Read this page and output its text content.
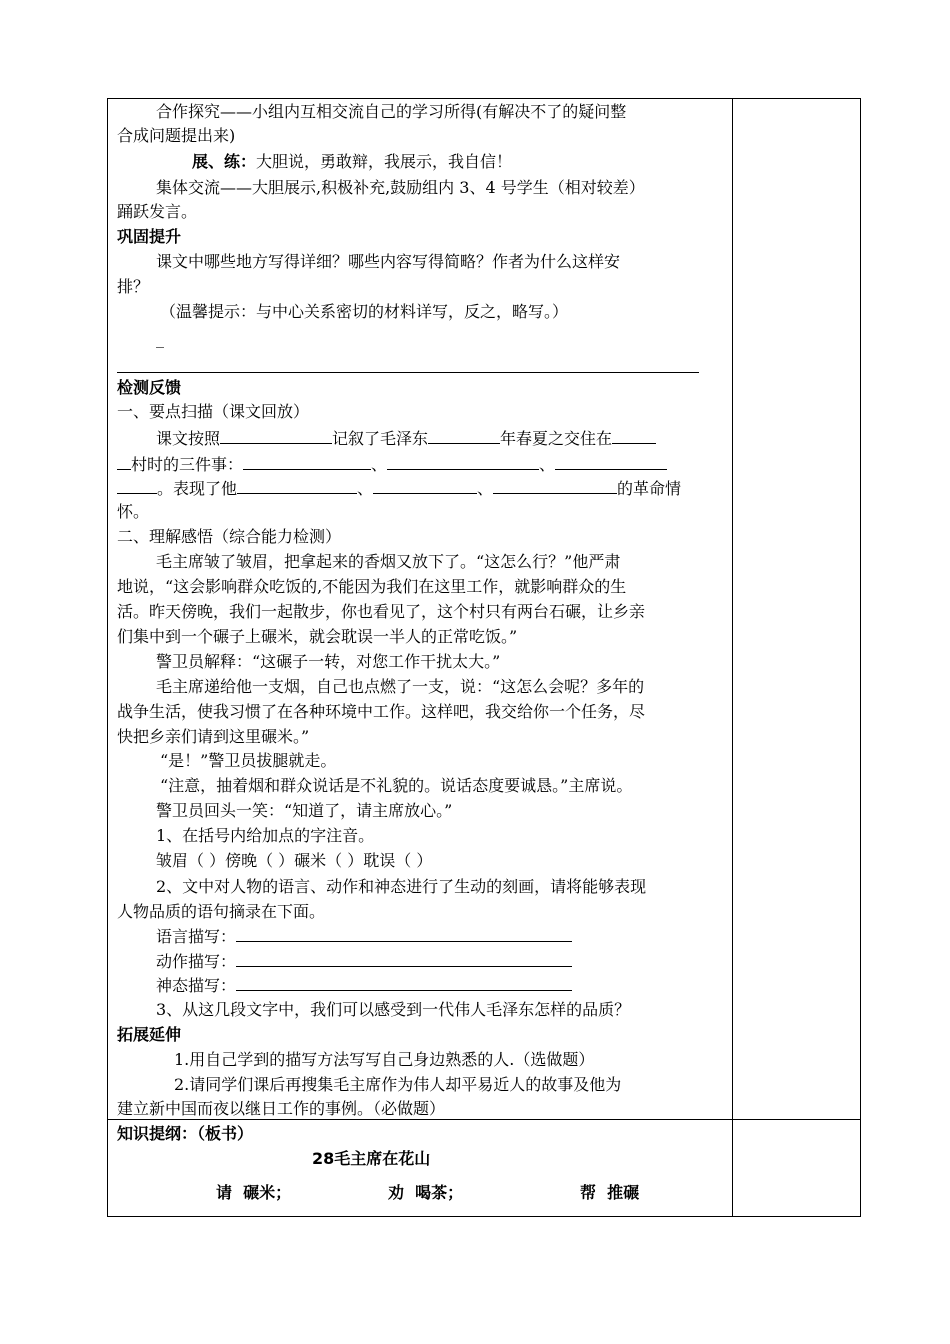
合作探究——小组内互相交流自己的学习所得(有解决不了的疑问整
合成问题提出来)
展、练：大胆说，勇敢辩，我展示，我自信！
集体交流——大胆展示,积极补充,鼓励组内 3、4 号学生（相对较差）
踊跃发言。
巩固提升
课文中哪些地方写得详细？哪些内容写得简略？作者为什么这样安
排？
（温馨提示：与中心关系密切的材料详写，反之，略写。）
_
检测反馈
一、要点扫描（课文回放）
课文按照	记叙了毛泽东	年春夏之交住在
村时的三件事：	、	、
。表现了他	、	、	的革命情
怀。
二、理解感悟（综合能力检测）
毛主席皱了皱眉，把拿起来的香烟又放下了。“这怎么行？”他严肃
地说，“这会影响群众吃饭的,不能因为我们在这里工作，就影响群众的生
活。昨天傍晚，我们一起散步，你也看见了，这个村只有两台石碾，让乡亲
们集中到一个碾子上碾米，就会耽误一半人的正常吃饭。”
警卫员解释：“这碾子一转，对您工作干扰太大。”
毛主席递给他一支烟，自己也点燃了一支，说：“这怎么会呢？多年的
战争生活，使我习惯了在各种环境中工作。这样吧，我交给你一个任务，尽
快把乡亲们请到这里碾米。”
“是！”警卫员拔腿就走。
“注意，抽着烟和群众说话是不礼貌的。说话态度要诚恳。”主席说。
警卫员回头一笑：“知道了，请主席放心。”
1、在括号内给加点的字注音。
皱眉（ ）傍晚（ ）碾米（ ）耽误（ ）
2、文中对人物的语言、动作和神态进行了生动的刻画，请将能够表现
人物品质的语句摘录在下面。
语言描写：
动作描写：
神态描写：
3、从这几段文字中，我们可以感受到一代伟人毛泽东怎样的品质？
拓展延伸
1.用自己学到的描写方法写写自己身边熟悉的人.（选做题）
2.请同学们课后再搜集毛主席作为伟人却平易近人的故事及他为
建立新中国而夜以继日工作的事例。（必做题）
知识提纲：（板书）
28毛主席在花山
请  碾米；	劝  喝茶；	帮  推碾
